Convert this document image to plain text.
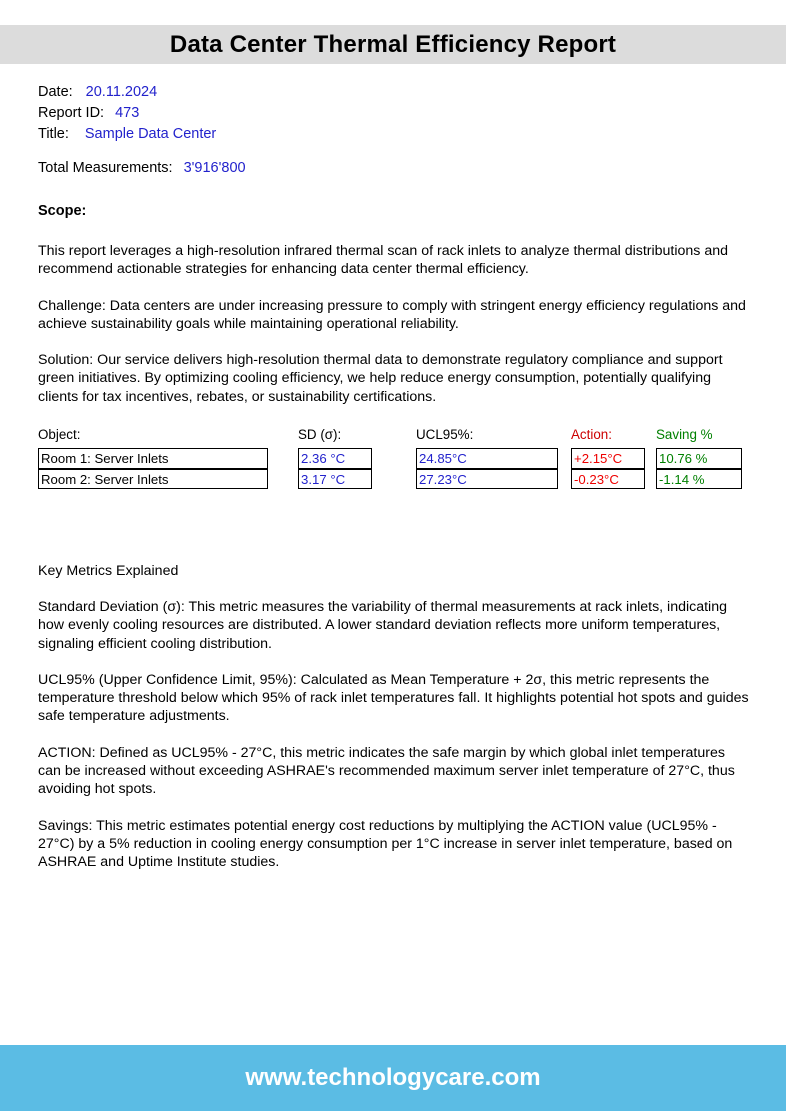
Data Center Thermal Efficiency Report
Date: 20.11.2024
Report ID: 473
Title: Sample Data Center
Total Measurements: 3'916'800
Scope:
This report leverages a high-resolution infrared thermal scan of rack inlets to analyze thermal distributions and recommend actionable strategies for enhancing data center thermal efficiency.
Challenge: Data centers are under increasing pressure to comply with stringent energy efficiency regulations and achieve sustainability goals while maintaining operational reliability.
Solution: Our service delivers high-resolution thermal data to demonstrate regulatory compliance and support green initiatives. By optimizing cooling efficiency, we help reduce energy consumption, potentially qualifying clients for tax incentives, rebates, or sustainability certifications.
Object:	SD (σ):	UCL95%:	Action:	Saving %
Room 1: Server Inlets	2.36 °C	24.85°C	+2.15°C	10.76 %
Room 2: Server Inlets	3.17 °C	27.23°C	-0.23°C	-1.14 %
Key Metrics Explained
Standard Deviation (σ): This metric measures the variability of thermal measurements at rack inlets, indicating how evenly cooling resources are distributed. A lower standard deviation reflects more uniform temperatures, signaling efficient cooling distribution.
UCL95% (Upper Confidence Limit, 95%): Calculated as Mean Temperature + 2σ, this metric represents the temperature threshold below which 95% of rack inlet temperatures fall. It highlights potential hot spots and guides safe temperature adjustments.
ACTION: Defined as UCL95% - 27°C, this metric indicates the safe margin by which global inlet temperatures can be increased without exceeding ASHRAE's recommended maximum server inlet temperature of 27°C, thus avoiding hot spots.
Savings: This metric estimates potential energy cost reductions by multiplying the ACTION value (UCL95% - 27°C) by a 5% reduction in cooling energy consumption per 1°C increase in server inlet temperature, based on ASHRAE and Uptime Institute studies.
www.technologycare.com
